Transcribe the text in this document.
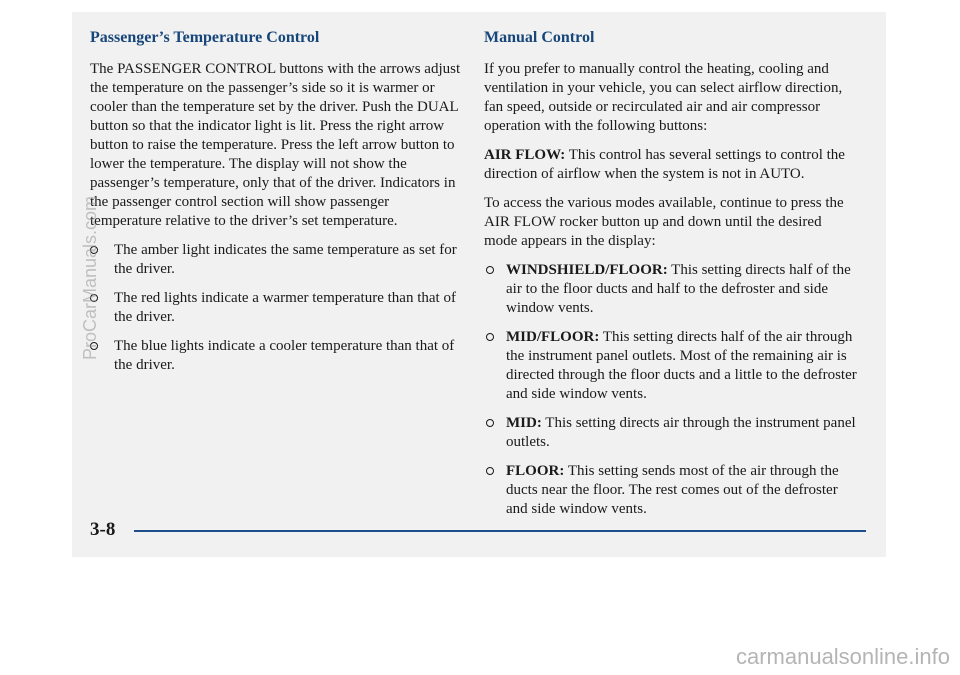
Passenger’s Temperature Control

The PASSENGER CONTROL buttons with the arrows adjust the temperature on the passenger’s side so it is warmer or cooler than the temperature set by the driver. Push the DUAL button so that the indicator light is lit. Press the right arrow button to raise the temperature. Press the left arrow button to lower the temperature. The display will not show the passenger’s temperature, only that of the driver. Indicators in the passenger control section will show passenger temperature relative to the driver’s set temperature.

The amber light indicates the same temperature as set for the driver.
The red lights indicate a warmer temperature than that of the driver.
The blue lights indicate a cooler temperature than that of the driver.
Manual Control

If you prefer to manually control the heating, cooling and ventilation in your vehicle, you can select airflow direction, fan speed, outside or recirculated air and air compressor operation with the following buttons:

AIR FLOW: This control has several settings to control the direction of airflow when the system is not in AUTO.

To access the various modes available, continue to press the AIR FLOW rocker button up and down until the desired mode appears in the display:

WINDSHIELD/FLOOR: This setting directs half of the air to the floor ducts and half to the defroster and side window vents.
MID/FLOOR: This setting directs half of the air through the instrument panel outlets. Most of the remaining air is directed through the floor ducts and a little to the defroster and side window vents.
MID: This setting directs air through the instrument panel outlets.
FLOOR: This setting sends most of the air through the ducts near the floor. The rest comes out of the defroster and side window vents.
3-8
ProCarManuals.com
carmanualsonline.info
